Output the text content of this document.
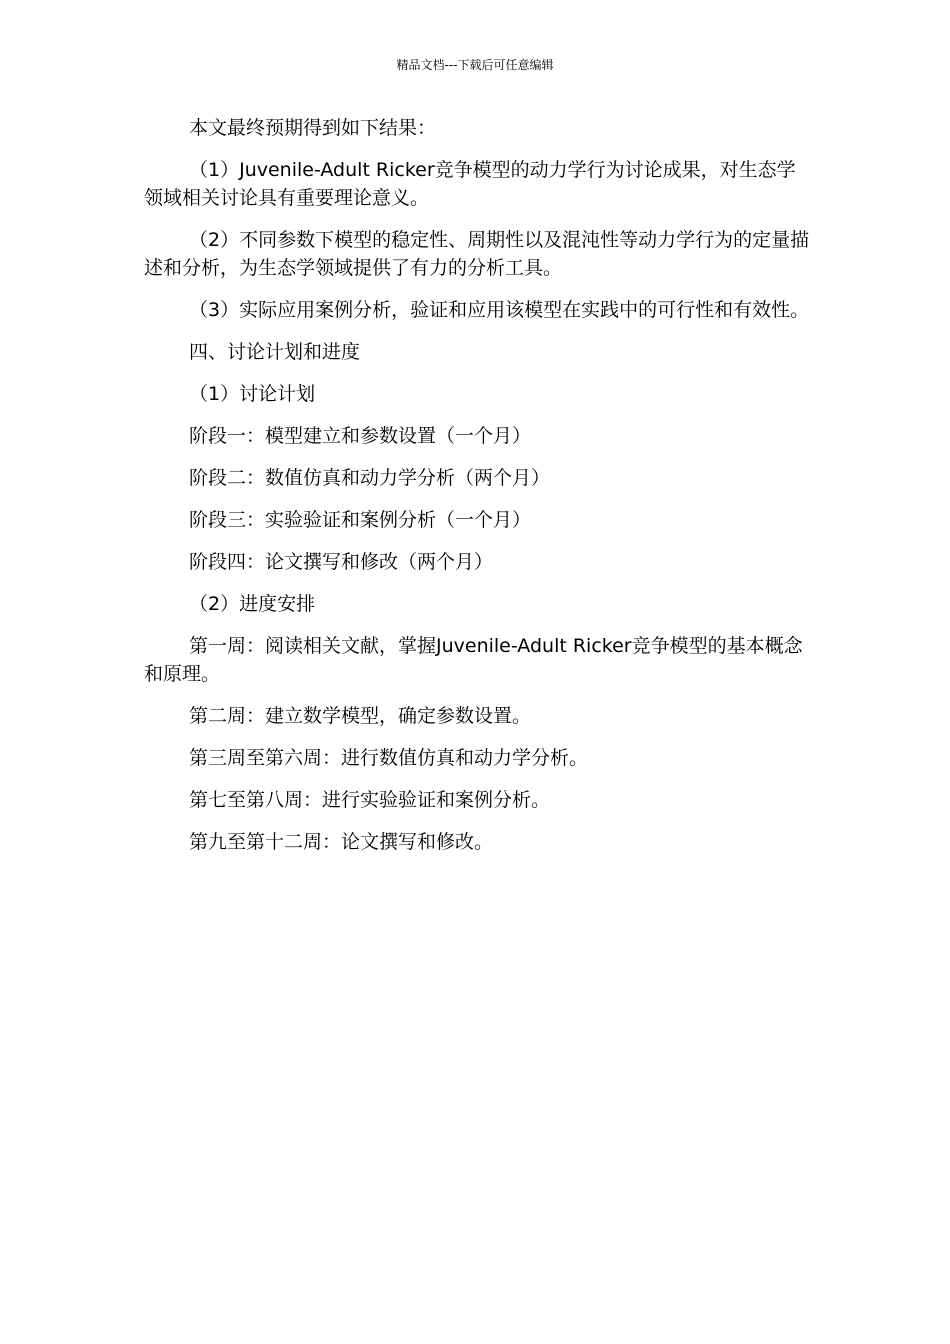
精品文档---下载后可任意编辑

本文最终预期得到如下结果：

（1）Juvenile-Adult Ricker竞争模型的动力学行为讨论成果，对生态学领域相关讨论具有重要理论意义。

（2）不同参数下模型的稳定性、周期性以及混沌性等动力学行为的定量描述和分析，为生态学领域提供了有力的分析工具。

（3）实际应用案例分析，验证和应用该模型在实践中的可行性和有效性。

四、讨论计划和进度

（1）讨论计划

阶段一：模型建立和参数设置（一个月）

阶段二：数值仿真和动力学分析（两个月）

阶段三：实验验证和案例分析（一个月）

阶段四：论文撰写和修改（两个月）

（2）进度安排

第一周：阅读相关文献，掌握Juvenile-Adult Ricker竞争模型的基本概念和原理。

第二周：建立数学模型，确定参数设置。

第三周至第六周：进行数值仿真和动力学分析。

第七至第八周：进行实验验证和案例分析。

第九至第十二周：论文撰写和修改。
